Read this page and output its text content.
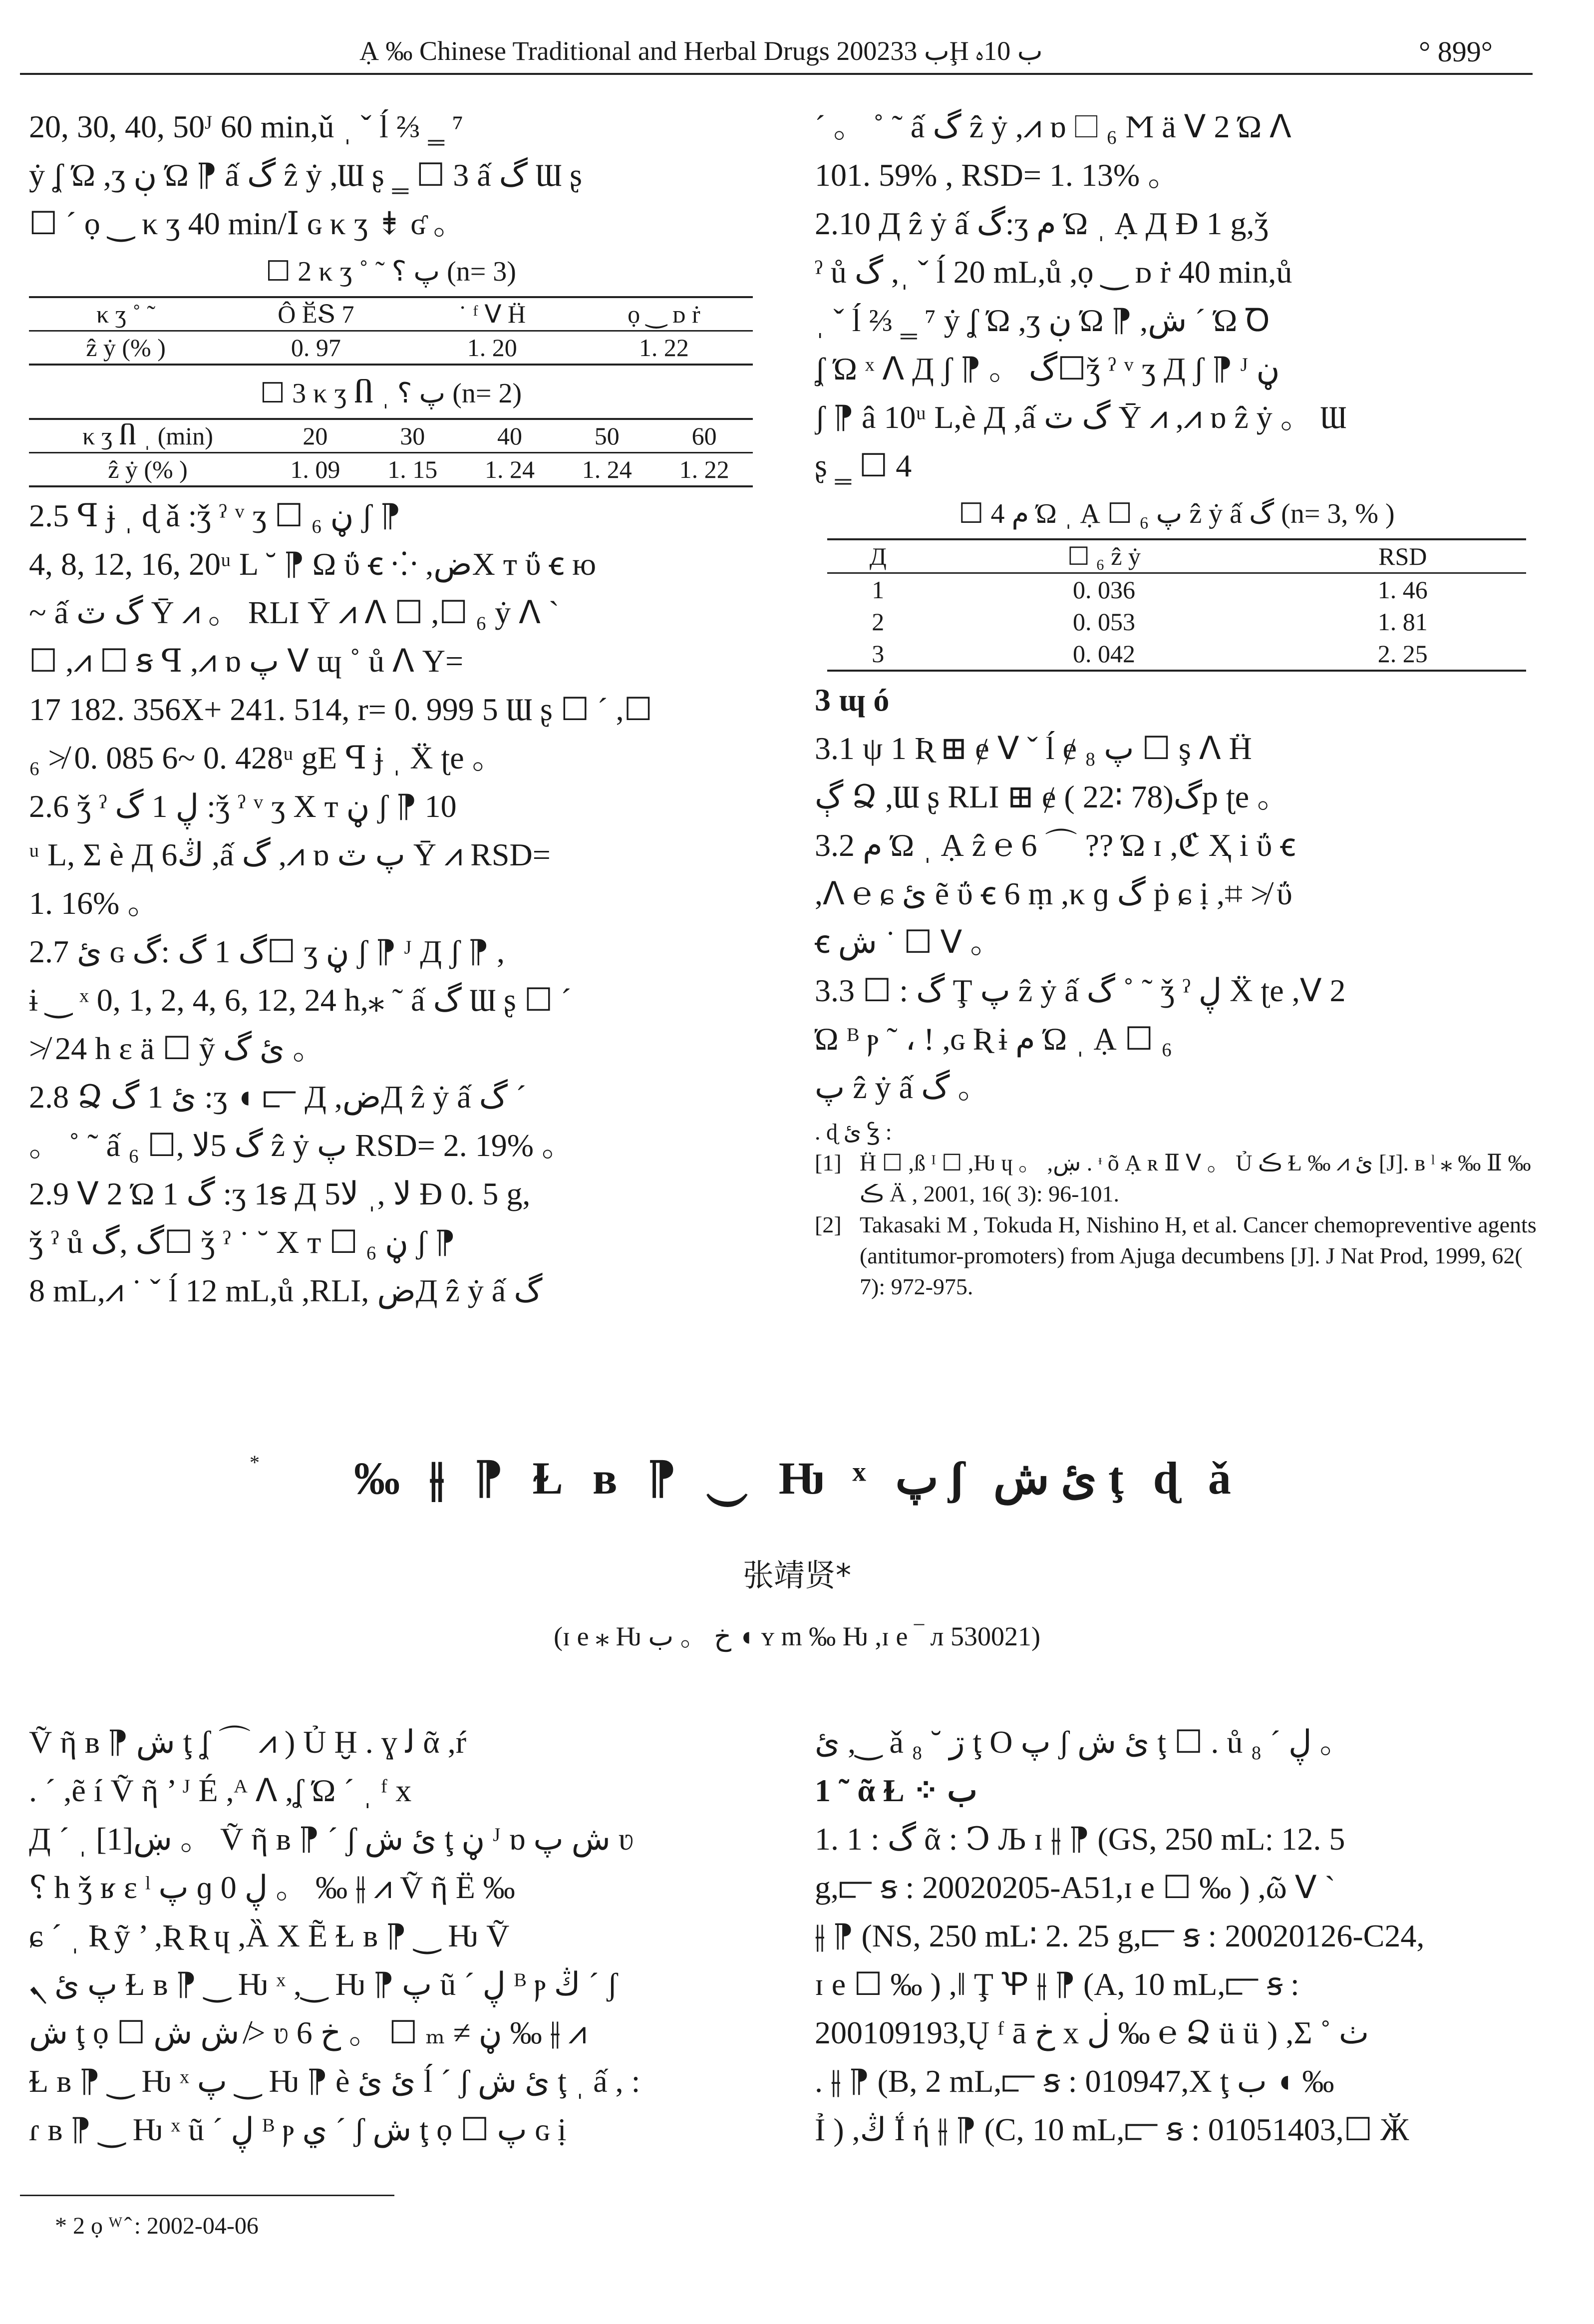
Ạ ‰ Chinese Traditional and Herbal Drugs 2002ب 33Ḩ ب 10ﮦ	° 899°
20, 30, 40, 50ᴶ 60 min,ǔ ˌ ˇ ĺ ⅔ ‗ ⁷
ẏ ʆ Ώ ,ʒ ڹ Ώ ⁋ ấ گ ẑ ẏ ,Ɯ ʂ ‗ ☐ 3 ấ گ Ɯ ʂ
☐ ˊ ọ ‿ κ ʒ 40 min/Ⅰ ɢ κ ʒ ⇟ ʛ 。
☐ 2 κ ʒ ˚ ˜ پ ؟ (n= 3)
κ ʒ ˚ ˜	Ô ӖՏ 7	˙ ᶠ ᐯ Ḧ	ọ ‿ ᴅ ṙ
ẑ ẏ (% )	0. 97	1. 20	1. 22
☐ 3 κ ʒ Ⴖ ˌ پ ؟ (n= 2)
κ ʒ Ⴖ ˌ (min)	20	30	40	50	60
ẑ ẏ (% )	1. 09	1. 15	1. 24	1. 24	1. 22
2.5 ꟼ ɉ ˌ ɖ ǎ :ǯ ˀ ᵛ ʒ ☐ ₆ ڼ ʃ ⁋
4, 8, 12, 16, 20ᵘ L ˘ ⁋ Ω ΰ ꞓ ⁘ ,ضΧ т ΰ ꞓ ю
~ ấ گ ٽ Ῡ ⩘ 。 RLI Ῡ ⩘ ᐱ ☐ ,☐ ₆ ẏ ᐱ ˋ
☐ ,⩘ ☐ ꞩ ꟼ ,⩘ ɒ پ ᐯ ɰ ˚ ů ᐱ Y=
17 182. 356X+ 241. 514, r= 0. 999 5 Ɯ ʂ ☐ ˊ ,☐
₆ ≯ 0. 085 6~ 0. 428ᵘ gE ꟼ ɉ ˌ Ẍ ʈe 。
2.6 ǯ ˀ ڸ 1 گ :ǯ ˀ ᵛ ʒ Χ т ڼ ʃ ⁋ 10
ᵘ L, Σ è Д 6ﯓ ,ấ گ ,⩘ ɒ پ ٽ Ῡ ⩘ RSD=
1. 16% 。
2.7 ئ ɢ گ 1 گ :گ☐ ʒ ڼ ʃ ⁋ ᴶ Д ʃ ⁋ ,
ɨ ‿ ˣ 0, 1, 2, 4, 6, 12, 24 h,⁎ ˜ ấ گ Ɯ ʂ ☐ ˊ
≯ 24 h ɛ ä ☐ ỹ ئ گ 。
2.8 Ձ ئ 1 گ :ʒ ◖ ⫍ Д ,ضД ẑ ẏ ấ گ ˊ
。 ˚ ˜ ấ گ 5ﻻ ,☐ ₆ ẑ ẏ پ RSD= 2. 19% 。
2.9 ᐯ 2 Ώ 1 گ :ʒ 1ꞩ Д 5ﻻ ,ˌ ﻻ Ð 0. 5 g,
ǯ ˀ ů گ ,گ☐ ǯ ˀ ˙ ˘ Χ т ☐ ₆ ڼ ʃ ⁋
8 mL,⩘ ˙ ˇ ĺ 12 mL,ů ,RLI, ضД ẑ ẏ ấ گ
ˊ 。 ˚ ˜ ấ گ ẑ ẏ ,⩘ ɒ ☐ ₆ Ϻ ä ᐯ 2 Ώ ᐱ
101. 59% , RSD= 1. 13% 。
2.10 Д ẑ ẏ ấ گ:ʒ م Ώ ˌ Ạ Д Ð 1 g,ǯ
ˀ ů گ ,ˌ ˇ ĺ 20 mL,ů ,ọ ‿ ᴅ ṙ 40 min,ů
ˌ ˇ ĺ ⅔ ‗ ⁷ ẏ ʆ Ώ ,ʒ ڹ Ώ ⁋ ,ش ˊ Ώ Ꝺ
ʆ Ώ ˣ ᐱ Д ʃ ⁋ 。 گ☐ǯ ˀ ᵛ ʒ Д ʃ ⁋ ᴶ ڼ
ʃ ⁋ â 10ᵘ L,è Д ,ấ گ ٽ Ῡ ⩘ ,⩘ ɒ ẑ ẏ 。 Ɯ
ʂ ‗ ☐ 4
☐ 4 م Ώ ˌ Ạ ☐ ₆ پ ẑ ẏ ấ گ (n= 3, % )
Д	☐ ₆ ẑ ẏ	RSD
1	0. 036	1. 46
2	0. 053	1. 81
3	0. 042	2. 25
3 ɰ ó
3.1 ψ 1 Ʀ ⊞ ɇ ᐯ ˇ ĺ ɇ پ ₈ ☐ ş ᐱ Ḧ
ڳ Ձ ,Ɯ ʂ RLI ⊞ ɇ ( 22∶ 78)گp ʈe 。
3.2 م Ώ ˌ Ạ ẑ ℮ 6 ⌒ ?? Ώ ɪ ,ℭ Ҳ i ΰ ꞓ
,ᐱ ℮ ɕ ئ ẽ ΰ ꞓ 6 ṃ ,κ ɡ گ ṗ ɕ ị ,⌗ ≯ ΰ
ꞓ ﺵ ˙ ☐ ᐯ 。
3.3 ☐ : گ Ţ پ ẑ ẏ ấ گ ˚ ˜ ǯ ˀ ڸ Ẍ ʈe ,ᐯ 2
Ώ ᴮ ⲣ ˜ ، ! ,ɢ Ʀ ɨ م Ώ ˌ Ạ ☐ ₆
پ ẑ ẏ ấ گ 。
. ɖ ئ Ꝣ :
[1] Ḧ ☐ ,ß ᴵ ☐ ,Ƕ ɥ 。 ,ښ . ᶧ õ Ạ ʀ Ⅱ ᐯ 。 Ủ ڪ Ɫ ‰ ⩘ ئ [J]. ʙ ˡ ⁎ ‰ Ⅱ ‰ ڪ Ä , 2001, 16( 3): 96-101.
[2] Takasaki M , Tokuda H, Nishino H, et al. Cancer chemopreventive agents (antitumor-promoters) from Ajuga decumbens [J]. J Nat Prod, 1999, 62( 7): 972-975.
*	‰ ⫲ ⁋ Ɫ ʙ ⁋ ‿ Ƕ ˣ پ ʃ ئ ش ţ ɖ ǎ
张靖贤*
(ɪ e ⁎ Ƕ خ 。 ب ◖ ʏ m ‰ Ƕ ,ɪ e ‾ л 530021)
Ṽ ῆ ʙ ⁋ ش ţ ʆ ⌒ ⩘ ) Ủ Ḫ . ɣ ﻟ ᾶ ,ŕ
. ˊ ,ẽ í Ṽ ῆ ’ ᴶ É ,ᴬ ᐱ ,ʆ Ώ ˊ ˌ ᶠ х
Д ˊ ˌ ښ[1] 。 Ṽ ῆ ʙ ⁋ ˊ ʃ ئ ش ţ ڼ ᴶ ɒ ش پ ʋ
⸮ h ǯ ʁ ɛ ˡ پ ɡ ڸ 0 。 ‰ ⫲ ⩘ Ṽ ῆ Ë ‰
ɕ ˊ ˌ Ʀ ỹ ’ ,Ʀ Ʀ ɥ ,Ȁ Χ Ẽ Ɫ ʙ ⁋ ‿ Ƕ Ṽ
پ ئ ܢ Ɫ ʙ ⁋ ‿ Ƕ ˣ ,‿ Ƕ ⁋ پ ũ ˊ ڸ ᴮ ⲣ ﯓ ˊ ʃ
ش ţ ọ ☐ ﺵ ﺵ ≯ ʋ 6 خ 。 ☐ ₘ ≠ ڼ ‰ ⫲ ⩘
Ɫ ʙ ⁋ ‿ Ƕ ˣ پ ‿ Ƕ ⁋ è ئ ئ ĺ ˊ ʃ ئ ش ţ ˌ ấ , :
ɾ ʙ ⁋ ‿ Ƕ ˣ ũ ˊ ڸ ᴮ ⲣ ي ˊ ʃ ش ţ ọ ☐ پ ɢ ị
ئ ,‿ ǎ ڗ ˘ ₈ ţ Ο پ ʃ ئ ش ţ ☐ . ů ڸ ˊ ₈ 。
1 ˜ ᾶ Ɫ ⁘ ب
1. 1 : گ ᾶ : Ↄ Љ ɪ ⫲ ⁋ (GS, 250 mL∶ 12. 5
g,⫍ ꞩ : 20020205-A51,ɪ e ☐ ‰ ) ,ῶ ᐯ ˋ
⫲ ⁋ (NS, 250 mL∶ 2. 25 g,⫍ ꞩ : 20020126-C24,
ɪ e ☐ ‰ ) ,ǁ Ţ Ꝕ ⫲ ⁋ (A, 10 mL,⫍ ꞩ :
200109193,Ų ᶠ ā خ х ڶ ‰ ℮ Ձ ü ü ) ,Σ ˚ ﭞ
. ⫲ ⁋ (B, 2 mL,⫍ ꞩ : 010947,Χ ţ ب ◖ ‰
Ỉ ) ,ﯓ Ḯ ή ⫲ ⁋ (C, 10 mL,⫍ ꞩ : 01051403,☐ Ӂ
* 2 ọ ᵂ ̂ : 2002-04-06
